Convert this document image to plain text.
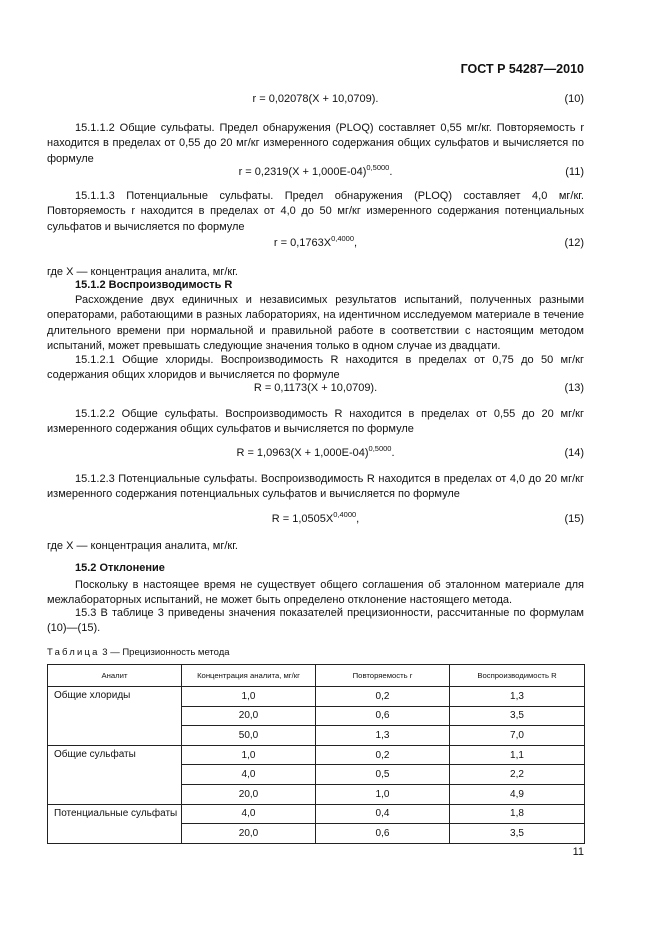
ГОСТ Р 54287—2010
r = 0,02078(X + 10,0709).	(10)

15.1.1.2 Общие сульфаты. Предел обнаружения (PLOQ) составляет 0,55 мг/кг. Повторяемость r находится в пределах от 0,55 до 20 мг/кг измеренного содержания общих сульфатов и вычисляется по формуле

$r = 0,2319(X + 1,000E-04)^{0,5000}$.	(11)

15.1.1.3 Потенциальные сульфаты. Предел обнаружения (PLOQ) составляет 4,0 мг/кг. Повторяемость r находится в пределах от 4,0 до 50 мг/кг измеренного содержания потенциальных сульфатов и вычисляется по формуле

$r = 0,1763X^{0,4000}$,	(12)

где X — концентрация аналита, мг/кг.

15.1.2 Воспроизводимость R

Расхождение двух единичных и независимых результатов испытаний, полученных разными операторами, работающими в разных лабораториях, на идентичном исследуемом материале в течение длительного времени при нормальной и правильной работе в соответствии с настоящим методом испытаний, может превышать следующие значения только в одном случае из двадцати.

15.1.2.1 Общие хлориды. Воспроизводимость R находится в пределах от 0,75 до 50 мг/кг содержания общих хлоридов и вычисляется по формуле

R = 0,1173(X + 10,0709).	(13)

15.1.2.2 Общие сульфаты. Воспроизводимость R находится в пределах от 0,55 до 20 мг/кг измеренного содержания общих сульфатов и вычисляется по формуле

$R = 1,0963(X + 1,000E-04)^{0,5000}$.	(14)

15.1.2.3 Потенциальные сульфаты. Воспроизводимость R находится в пределах от 4,0 до 20 мг/кг измеренного содержания потенциальных сульфатов и вычисляется по формуле

$R = 1,0505X^{0,4000}$,	(15)

где X — концентрация аналита, мг/кг.

15.2 Отклонение

Поскольку в настоящее время не существует общего соглашения об эталонном материале для межлабораторных испытаний, не может быть определено отклонение настоящего метода.

15.3 В таблице 3 приведены значения показателей прецизионности, рассчитанные по формулам (10)—(15).

Таблица 3 — Прецизионность метода
Аналит	Концентрация аналита, мг/кг	Повторяемость r	Воспроизводимость R
Общие хлориды	1,0	0,2	1,3
	20,0	0,6	3,5
	50,0	1,3	7,0
Общие сульфаты	1,0	0,2	1,1
	4,0	0,5	2,2
	20,0	1,0	4,9
Потенциальные сульфаты	4,0	0,4	1,8
	20,0	0,6	3,5
11
